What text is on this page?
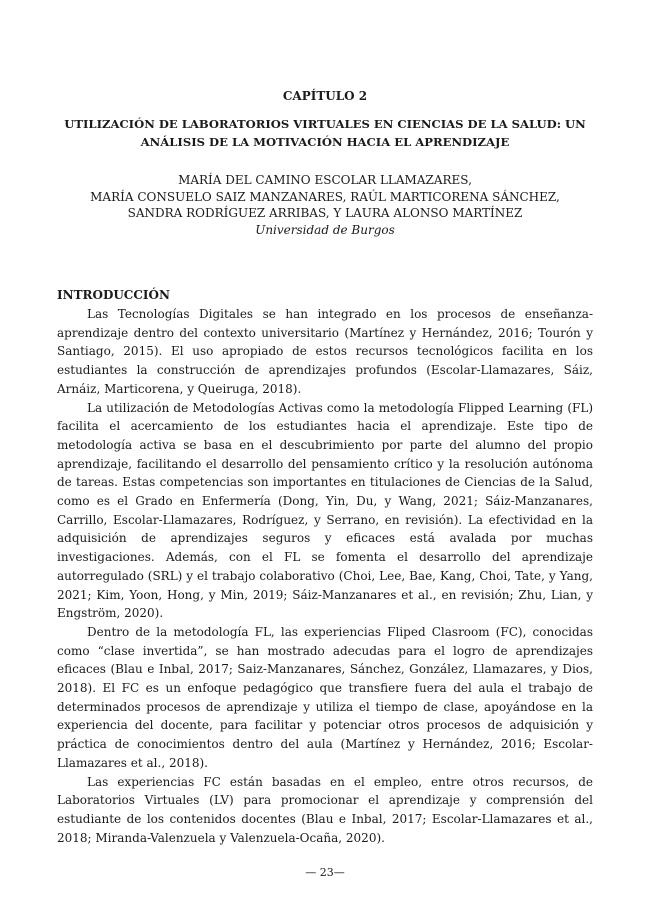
CAPÍTULO 2
UTILIZACIÓN DE LABORATORIOS VIRTUALES EN CIENCIAS DE LA SALUD: UN
ANÁLISIS DE LA MOTIVACIÓN HACIA EL APRENDIZAJE
MARÍA DEL CAMINO ESCOLAR LLAMAZARES,
MARÍA CONSUELO SAIZ MANZANARES, RAÚL MARTICORENA SÁNCHEZ,
SANDRA RODRÍGUEZ ARRIBAS, Y LAURA ALONSO MARTÍNEZ
Universidad de Burgos
INTRODUCCIÓN

Las Tecnologías Digitales se han integrado en los procesos de enseñanza-aprendizaje dentro del contexto universitario (Martínez y Hernández, 2016; Tourón y Santiago, 2015). El uso apropiado de estos recursos tecnológicos facilita en los estudiantes la construcción de aprendizajes profundos (Escolar-Llamazares, Sáiz, Arnáiz, Marticorena, y Queiruga, 2018).

La utilización de Metodologías Activas como la metodología Flipped Learning (FL) facilita el acercamiento de los estudiantes hacia el aprendizaje. Este tipo de metodología activa se basa en el descubrimiento por parte del alumno del propio aprendizaje, facilitando el desarrollo del pensamiento crítico y la resolución autónoma de tareas. Estas competencias son importantes en titulaciones de Ciencias de la Salud, como es el Grado en Enfermería (Dong, Yin, Du, y Wang, 2021; Sáiz-Manzanares, Carrillo, Escolar-Llamazares, Rodríguez, y Serrano, en revisión). La efectividad en la adquisición de aprendizajes seguros y eficaces está avalada por muchas investigaciones. Además, con el FL se fomenta el desarrollo del aprendizaje autorregulado (SRL) y el trabajo colaborativo (Choi, Lee, Bae, Kang, Choi, Tate, y Yang, 2021; Kim, Yoon, Hong, y Min, 2019; Sáiz-Manzanares et al., en revisión; Zhu, Lian, y Engström, 2020).

Dentro de la metodología FL, las experiencias Fliped Clasroom (FC), conocidas como “clase invertida”, se han mostrado adecudas para el logro de aprendizajes eficaces (Blau e Inbal, 2017; Saiz-Manzanares, Sánchez, González, Llamazares, y Dios, 2018). El FC es un enfoque pedagógico que transfiere fuera del aula el trabajo de determinados procesos de aprendizaje y utiliza el tiempo de clase, apoyándose en la experiencia del docente, para facilitar y potenciar otros procesos de adquisición y práctica de conocimientos dentro del aula (Martínez y Hernández, 2016; Escolar-Llamazares et al., 2018).

Las experiencias FC están basadas en el empleo, entre otros recursos, de Laboratorios Virtuales (LV) para promocionar el aprendizaje y comprensión del estudiante de los contenidos docentes (Blau e Inbal, 2017; Escolar-Llamazares et al., 2018; Miranda-Valenzuela y Valenzuela-Ocaña, 2020).

— 23—
